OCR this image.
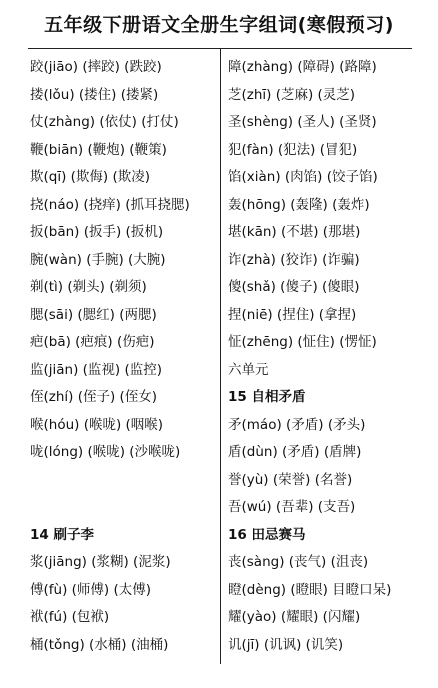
五年级下册语文全册生字组词(寒假预习)
跤(jiāo) (摔跤) (跌跤)
搂(lǒu) (搂住) (搂紧)
仗(zhàng) (依仗) (打仗)
鞭(biān) (鞭炮) (鞭策)
欺(qī) (欺侮) (欺凌)
挠(náo) (挠痒) (抓耳挠腮)
扳(bān) (扳手) (扳机)
腕(wàn) (手腕) (大腕)
剃(tì) (剃头) (剃须)
腮(sāi) (腮红) (两腮)
疤(bā) (疤痕) (伤疤)
监(jiān) (监视) (监控)
侄(zhí) (侄子) (侄女)
喉(hóu) (喉咙) (咽喉)
咙(lóng) (喉咙) (沙喉咙)
14 刷子李
浆(jiāng) (浆糊) (泥浆)
傅(fù) (师傅) (太傅)
袱(fú) (包袱)
桶(tǒng) (水桶) (油桶)
障(zhàng) (障碍) (路障)
芝(zhī) (芝麻) (灵芝)
圣(shèng) (圣人) (圣贤)
犯(fàn) (犯法) (冒犯)
馅(xiàn) (肉馅) (饺子馅)
轰(hōng) (轰隆) (轰炸)
堪(kān) (不堪) (那堪)
诈(zhà) (狡诈) (诈骗)
傻(shǎ) (傻子) (傻眼)
捏(niē) (捏住) (拿捏)
怔(zhēng) (怔住) (愣怔)
六单元
15 自相矛盾
矛(máo) (矛盾) (矛头)
盾(dùn) (矛盾) (盾牌)
誉(yù) (荣誉) (名誉)
吾(wú) (吾辈) (支吾)
16 田忌赛马
丧(sàng) (丧气) (沮丧)
瞪(dèng) (瞪眼) 目瞪口呆)
耀(yào) (耀眼) (闪耀)
讥(jī) (讥讽) (讥笑)
